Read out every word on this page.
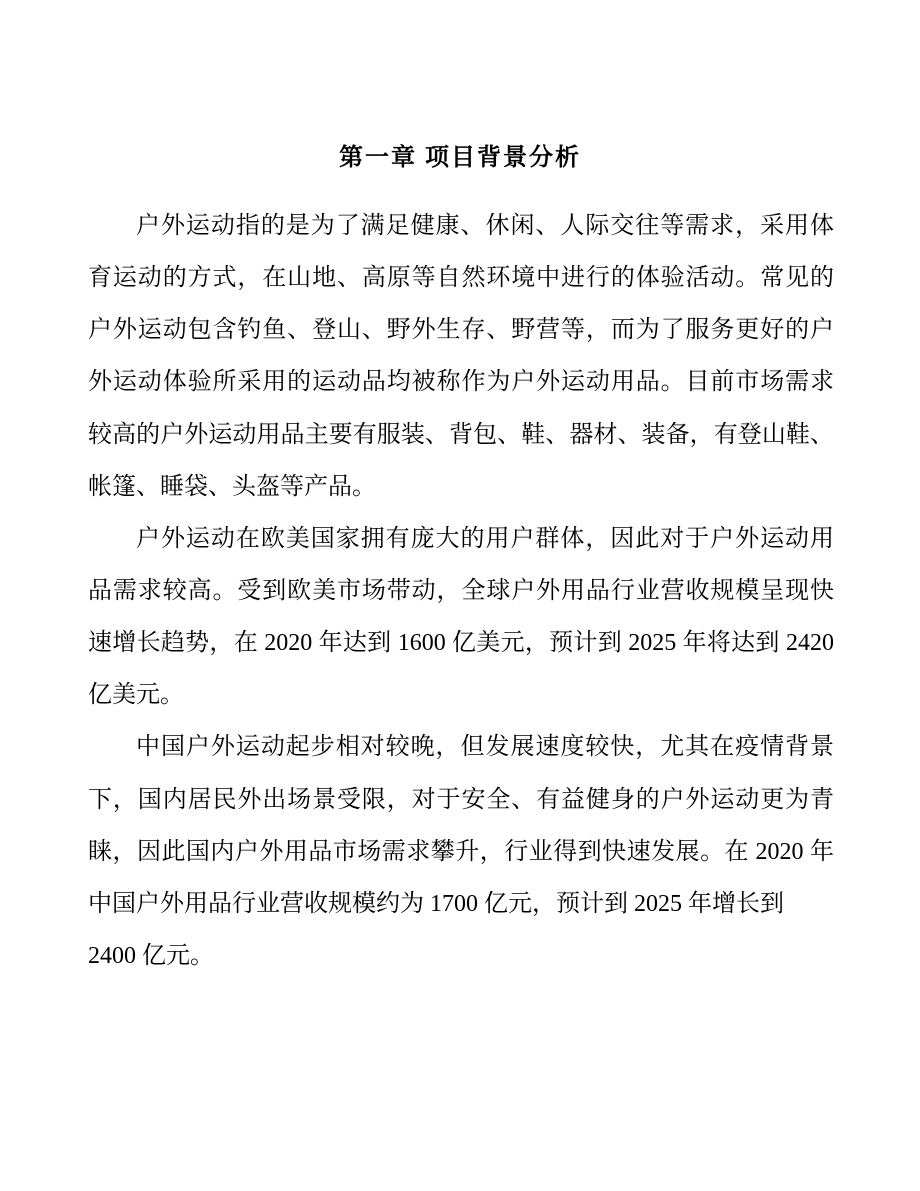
第一章 项目背景分析
户外运动指的是为了满足健康、休闲、人际交往等需求，采用体
育运动的方式，在山地、高原等自然环境中进行的体验活动。常见的
户外运动包含钓鱼、登山、野外生存、野营等，而为了服务更好的户
外运动体验所采用的运动品均被称作为户外运动用品。目前市场需求
较高的户外运动用品主要有服装、背包、鞋、器材、装备，有登山鞋、
帐篷、睡袋、头盔等产品。
户外运动在欧美国家拥有庞大的用户群体，因此对于户外运动用
品需求较高。受到欧美市场带动，全球户外用品行业营收规模呈现快
速增长趋势，在 2020 年达到 1600 亿美元，预计到 2025 年将达到 2420
亿美元。
中国户外运动起步相对较晚，但发展速度较快，尤其在疫情背景
下，国内居民外出场景受限，对于安全、有益健身的户外运动更为青
睐，因此国内户外用品市场需求攀升，行业得到快速发展。在 2020 年
中国户外用品行业营收规模约为 1700 亿元，预计到 2025 年增长到
2400 亿元。
